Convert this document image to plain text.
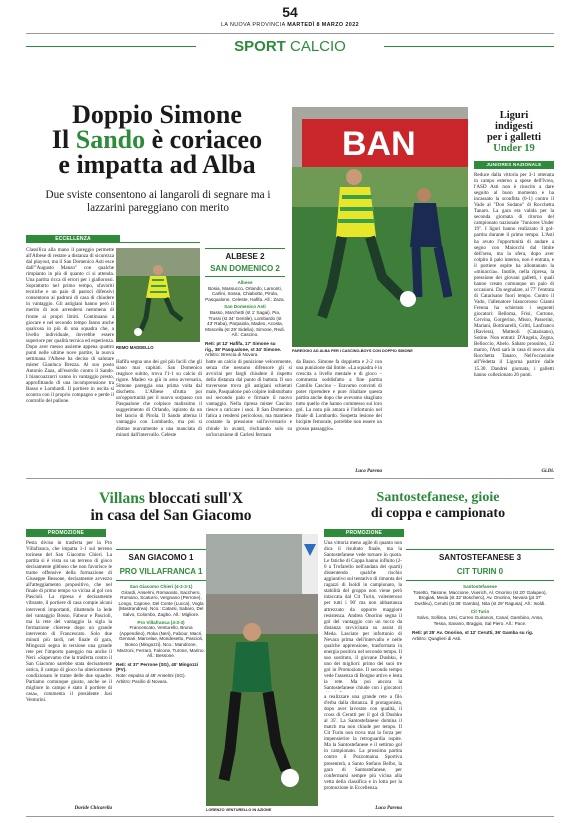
54
LA NUOVA PROVINCIA MARTEDÌ 8 MARZO 2022
SPORT CALCIO
Doppio Simone
Il Sando è coriaceo
e impatta ad Alba
Due sviste consentono ai langaroli di segnare ma i lazzarini pareggiano con merito
ECCELLENZA
Classifica alla mano il pareggio permette all'Albese di restare a distanza di sicurezza dal playout, ma il San Domenico Asti esce dall'"Augusto Manzo" con qualche rimpianto in più di quanto ci si attenda. Una partita ricca di errori per i giallorossi. Soprattutto nel primo tempo, sfavoriti tecniche e un paio di pastoci difensivi consentono ai padroni di casa di chiudere in vantaggio. Gli astigiani hanno però il merito di non arrendersi nemmeno di fronte ai propri limiti. Continuano a giocare e nel secondo tempo fanno anche qualcosa in più di una squadra che, a livello individuale, dovrebbe essere superiore per qualità tecnica ed esperienza. Dopo aver messo assieme appena quattro punti nelle ultime nove partite, la nuova settimana l'Albese ha deciso di salutare mister Gianluca Brezza. Al suo posto Antonio Zaza, all'esordio contro il Sando. I biancoazzurri vanno in vantaggio presto, approfittando di una incomprensione tra Basso e Lombardi. Il portiere in uscita si scontra con il proprio compagno e perde il controllo del pallone.
REMO MADDELLO
ALBESE 2
SAN DOMENICO 2
Albese
Bosia, Massucco, Orlando, Lamonti, Carlini, Sossa, Chiabotto, Pirola, Pasqualone, Celeste, Hafifa. All.: Zaza.
San Domenico Asti
Basso, Marchetti (st 1' Sagai), Pia, Trussi (st 34' Gentile), Lombardo (st 43' Raba), Parpaiola, Madeo, Acosta, Moscella (st 25' Sidelia), Simone, Redi. All.: Cascino.
Reti: pt 12' Hafifa, 17' Simone su rig., 38' Pasqualone, st 34' Simone.
Arbitro: Brescia di Novara.
Hafifa segna uno dei gol più facili che gli siano mai capitati. San Domenico reagisce subito, trova l'1-1 su calcio di rigore. Madeo va giù in area avversaria, Simone pareggia una prima volta dal dischetto. L'Albese sfrutta poi un'opportunità per il nuovo sorpasso con Pasqualone che colpisce malissimo il suggerimento di Orlando, ispirato da un bel lancio di Pirola. Il Sando alterna il vantaggio con Lombardo, ma poi si distrae nuovamente a una manciata di minuti dall'intervallo. Celeste
batte un calcio di punizione velocemente, senza che nessuno difensore gli si avvicini per fargli chiudere il rispetto della distanza dal punto di battuta. Il suo traversone trova gli astigiani schierati male, Pasqualone può colpire indisturbato sul secondo palo e firmare il nuovo vantaggio. Nella ripresa mister Cascino riesce a caricare i suoi. Il San Domenico fatica a rendersi pericoloso, ma mantiene costante la pressione sull'avversario e chiude in avanti, rischiando solo su un'incursione di Carlesi fermata
BAN
PAREGGIO AD ALBA PER I CASCINO-BOYS CON DOPPIO SIMONE
da Basso. Simone fa doppietta e 2-2 con una punizione dal limite. «La squadra è in crescita a livello mentale e di gioco – commenta soddisfatto a fine partita Camillo Cascino – Eravamo convinti di poter riprendere e pure ribaltare questa partita anche dopo che avevamo sbagliato tutto quello che hanno commesso sui loro gol. La nota più amara è l'infortunio nel finale di Lombardo. Sospetta lesione dei bicipite femorale, potrebbe non essere un grosso passaggio».
Luca Parena
Liguri
indigesti
per i galletti
Under 19
JUNIORES NAZIONALE
Reduce dalla vittoria per 3-1 ottenuta in campo esterno a spese dell'Ivrea, l'ASD Asti non è riuscito a dare seguito al buon momento e ha incassato la sconfitta (0-1) contro il Vado al "Don Sodano" di Rocchetta Tanaro. La gara era valida per la seconda giornata di ritorno del campionato nazionale "Juniores Under 19". I liguri hanno realizzato il gol-partita durante il primo tempo. L'Asti ha avuto l'opportunità di andare a segno con Maiocchi dal limite dell'area, ma la sfera, dopo aver colpito il palo interno, non è entrata, e il portiere ospite ha allontanato la «minaccia». Inutile, nella ripresa, la pressione dei giovani galletti, i quali hanno creato comunque un paio di occasioni. Da segnalare, al 77' l'entrata di Catarisano fuori tempo. Contro il Vado, l'allenatore biancorosso Gianni Frenna ha schierato i seguenti giocatori: Belloma, Frisi, Curtone, Cervina, Gorgerino, Misso, Passerini, Mariani, Bottinarelli, Gritti, Lanfranco (Raviera), Matteoli (Catarisano), Sotine. Non entrati: D'Angela, Zegna, Belloccio, Abelo. Sabato prossimo, 12 marzo, l'Asti sarà in casa di nuovo alla Rocchetta Tanaro, Nell'occasione all'Vedetta il Ligorna partire dalle 15.30. Dandrei giornata, i galletti hanno collezionato 26 punti.
Gi.Di.
Villans bloccati sull'X
in casa del San Giacomo
PROMOZIONE
Pesta diviso in trasferta per la Pro Villafranca, che impatta 1-1 sul terreno torinese del San Giacomo Chieri. La partita si è vista su un terreno di gioco decisamente gibboso che non favorisce le trame offensive della formazione di Giuseppe Bessone, decisamente avvezzo all'atteggiamento propositivo, che nel finale di primo tempo va vicina al gol con Pascioli. La ripresa è decisamente vibrante, il portiere di casa compie alcuni interventi importanti, ribattendo la lede del vantaggio Bosso, Fabour e Pascioli, ma la rete del vantaggio la sigla la formazione chierese dopo un grande intervento di Francescato. Solo due minuti più tardi, nel finale di gara, Mingozzi segna in tersione una grande rete per l'importo pareggio ma anche il Neri. «Sapevamo che la trasferta contro il San Giacomo sarebbe stata decisamente ostica, il campo di gioco ha ulteriormente condizionato le trame delle due squadre. Partiamo comunque giusto, anche se il migliore in campo è stato il portiere di casa», commenta il presidente Josi Venturini.
Davide Chicarella
SAN GIACOMO 1
PRO VILLAFRANCA 1
San Giacomo Chieri (4-2-3-1)
Girardi, Anselmi, Romanato, Sacchero, Romano, Scaturro, Vergnano (Perrone), Longo, Capone, Del Conte (Lucca), Vogla (Mastrandrea). Nco.: Catarsi, Sabaro, Del Salvo, Colombo, Zagbo. All.: Migliore.
Pro Villafranca (4-3-3)
Francescato, Venturello, Bruna (Appendino), Roka (Neri), Fabour, Macri, Gennari, Marcelae, Mondesetto, Pascioli, Bosco (Mingozzi). Nco.: Mandrone, Marzoni, Ferraro, Falcone, Turone, Marino. All.: Bessone.
Reti: st 37' Perrone (SG), 40' Mingozzi (PV).
Note: espulso al 48' Anselmi (SG).
Arbitro: Pacilio di Novara.
LORENZO VENTURELLO IN AZIONE
Santostefanese, gioie
di coppa e campionato
PROMOZIONE
Una vittoria meno agile di quanto non dica il risultato finale, ma la Santostefanese vede tornare in quota. Le fatiche di Coppa hanno influito (2-0 a Trofarello nell'andata dei quarti) dissentendo qualche rischio aggiuntivo sul tentativo di rimonta dei ragazzi di Isoldi in campionato, la stabilità del gruppo non viene però intaccata dal Cit Turin, volenteroso per tutti i 90' ma non abbastanza attrezzato da opporre maggiore resistenza. Andrea Onorino segna il gol del vantaggio con un tocco da distanza ravvicinata su assist di Meda. Lasciato per infortunio di Nevara prima dell'intervallo e nelle qualche apprensione, trasformata in energia positiva nel secondo tempo. Il suo sostituto, il giovane Dushku, è uno dei migliori: primo dei suoi tre gol in Promozione. Il secondo tempo vede l'assenza di Borgne attivo e lesta la rete. Ma poi ancora la Santostefanese chiude con i giocatori
a realizzare una grande rete a filo d'erba dalla distanza. Il protagonista, dopo aver lavorato con qualità, il cross di Cerutti per il gol di Dushku al 35'. La Santostefanese domina il match ma non chiude per tempo. Il Cit Turin non trova mai la forza per impensierire la retroguardia ospite. Ma la Santostefanese e il settimo gol in campionato. La prossima partita contro il Pozzomaina Sportiva presenterà, a Santo Stefano Belbo, la gara di Santostefanese, per confermarsi sempre più vicina alla vetta della classifica e in lotta per la promozione in Eccellenza.
Luca Parena
SANTOSTEFANESE 3
CIT TURIN 0
Santostefanese
Tosetto, Taisone, Maccione, Vuerich, Al. Onorino (st 20' Galupeo), Brogiati, Meda (st 32' Boschero), Av. Onorino, Nevara (pt 37' Dushku), Cerutti (st 36' Gamba), Nita (st 29' Ragusa). All.: Isoldi.
Cit Turin
Salvo, Sollima, Ursi, Curreo Guiranos, Canal, Gambino, Ansa, Tessa, Savano, Braggio, Sal Piero. All.: Pace.
Reti: pt 25' Av. Onorino, st 12' Cerutti, 36' Gamba su rig.
Arbitro: Quaglieri di Asti.
